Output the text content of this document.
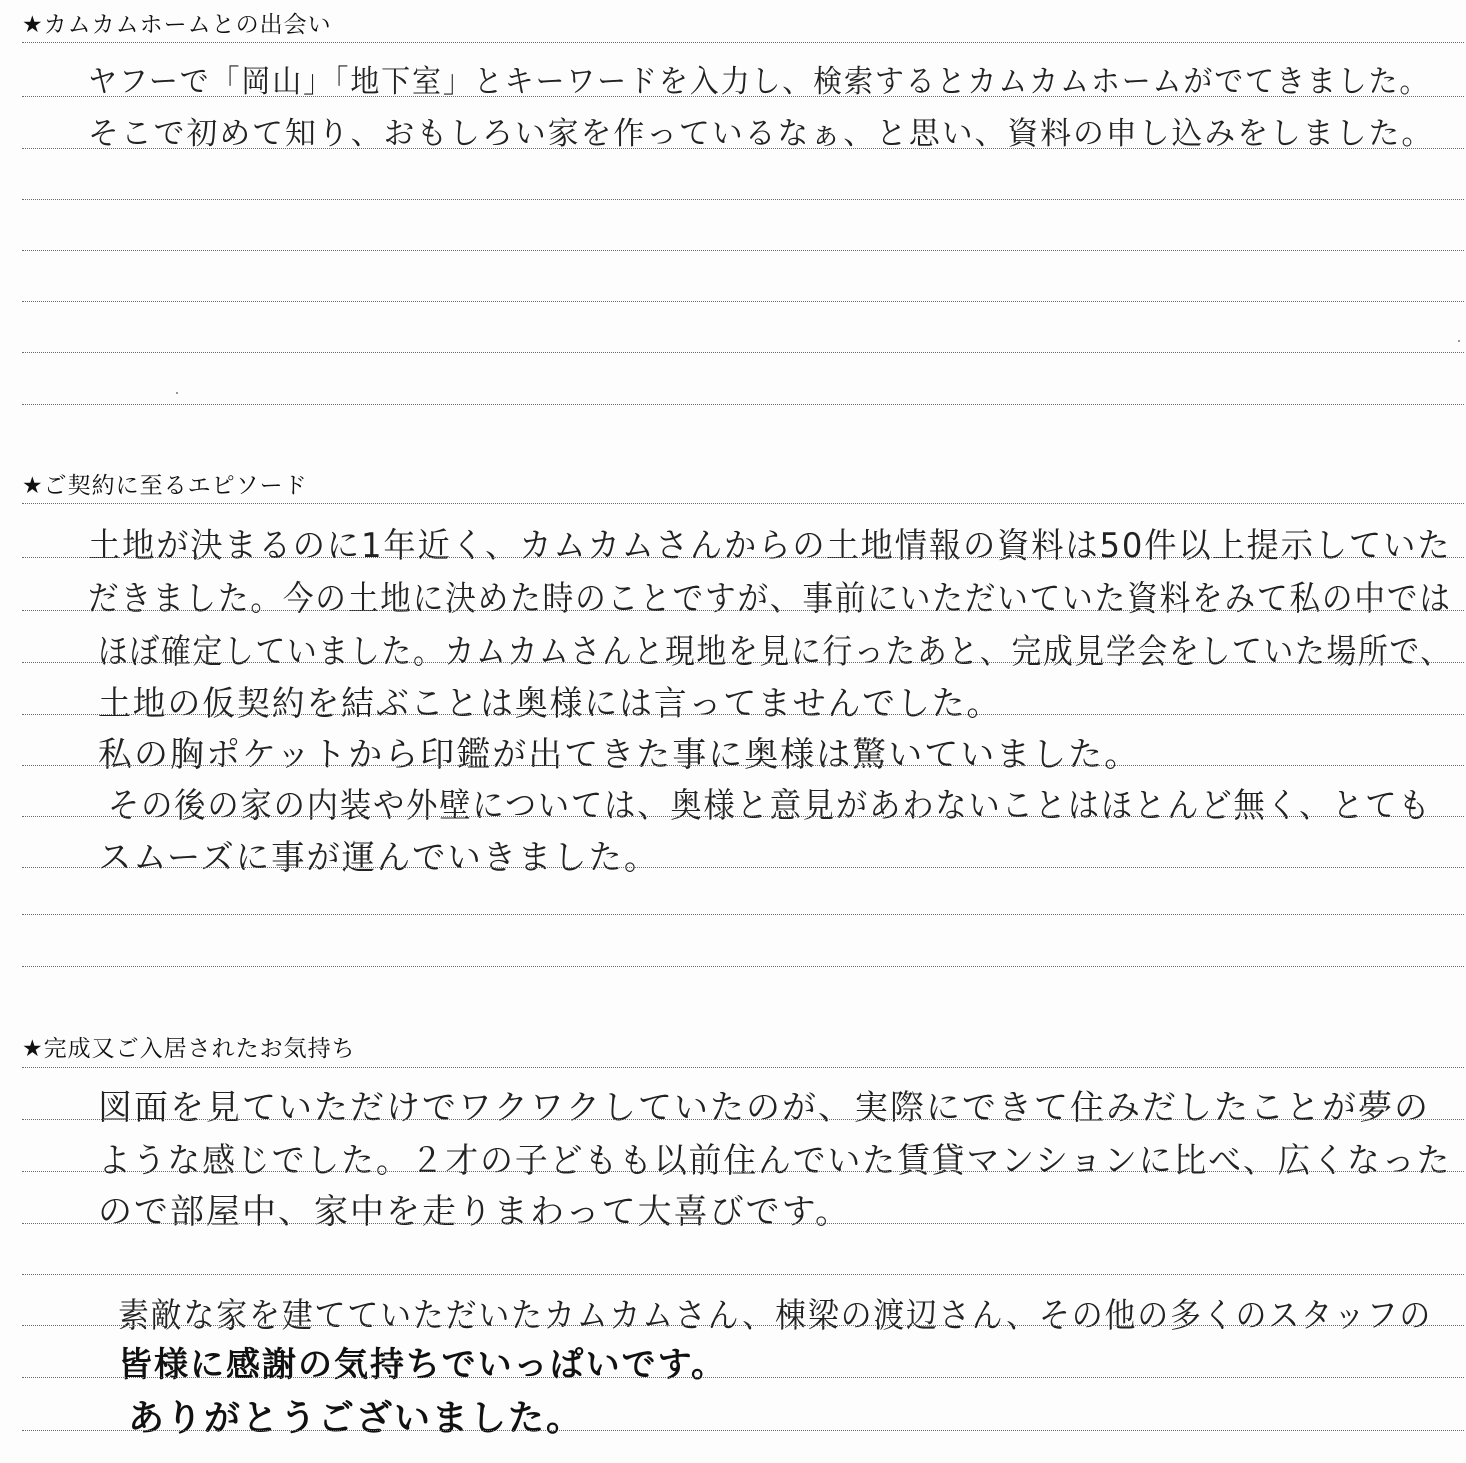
★カムカムホームとの出会い
ヤフーで「岡山」「地下室」とキーワードを入力し、検索するとカムカムホームがでてきました。
そこで初めて知り、おもしろい家を作っているなぁ、と思い、資料の申し込みをしました。
★ご契約に至るエピソード
土地が決まるのに1年近く、カムカムさんからの土地情報の資料は50件以上提示していた
だきました。今の土地に決めた時のことですが、事前にいただいていた資料をみて私の中では
ほぼ確定していました。カムカムさんと現地を見に行ったあと、完成見学会をしていた場所で、
土地の仮契約を結ぶことは奥様には言ってませんでした。
私の胸ポケットから印鑑が出てきた事に奥様は驚いていました。
その後の家の内装や外壁については、奥様と意見があわないことはほとんど無く、とても
スムーズに事が運んでいきました。
★完成又ご入居されたお気持ち
図面を見ていただけでワクワクしていたのが、実際にできて住みだしたことが夢の
ような感じでした。２才の子どもも以前住んでいた賃貸マンションに比べ、広くなった
ので部屋中、家中を走りまわって大喜びです。
素敵な家を建てていただいたカムカムさん、棟梁の渡辺さん、その他の多くのスタッフの
皆様に感謝の気持ちでいっぱいです。
ありがとうございました。
